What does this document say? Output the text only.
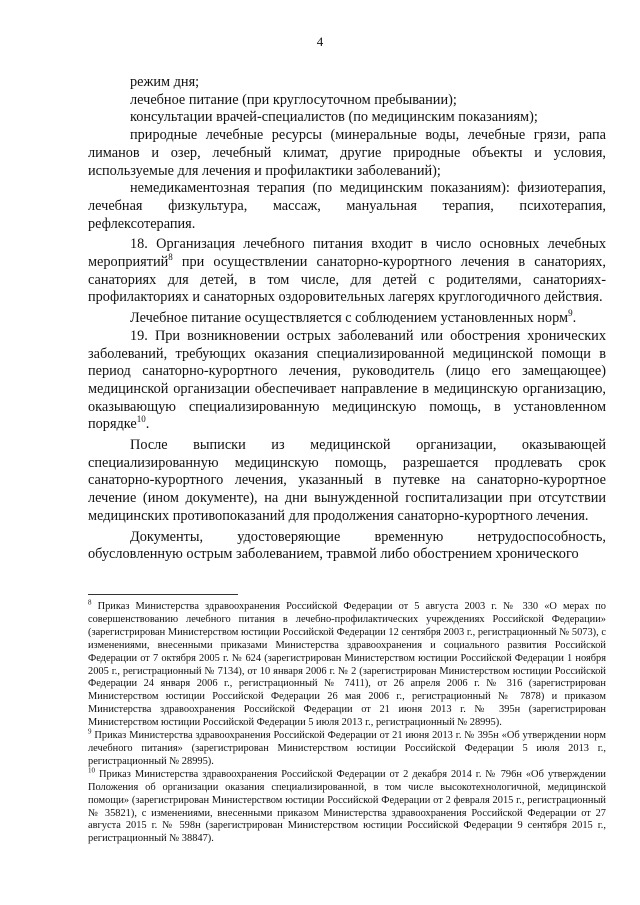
4

режим дня;

лечебное питание (при круглосуточном пребывании);

консультации врачей-специалистов (по медицинским показаниям);

природные лечебные ресурсы (минеральные воды, лечебные грязи, рапа лиманов и озер, лечебный климат, другие природные объекты и условия, используемые для лечения и профилактики заболеваний);

немедикаментозная терапия (по медицинским показаниям): физиотерапия, лечебная физкультура, массаж, мануальная терапия, психотерапия, рефлексотерапия.

18. Организация лечебного питания входит в число основных лечебных мероприятий$^8$ при осуществлении санаторно-курортного лечения в санаториях, санаториях для детей, в том числе, для детей с родителями, санаториях-профилакториях и санаторных оздоровительных лагерях круглогодичного действия.

Лечебное питание осуществляется с соблюдением установленных норм$^9$.

19. При возникновении острых заболеваний или обострения хронических заболеваний, требующих оказания специализированной медицинской помощи в период санаторно-курортного лечения, руководитель (лицо его замещающее) медицинской организации обеспечивает направление в медицинскую организацию, оказывающую специализированную медицинскую помощь, в установленном порядке$^{10}$.

После выписки из медицинской организации, оказывающей специализированную медицинскую помощь, разрешается продлевать срок санаторно-курортного лечения, указанный в путевке на санаторно-курортное лечение (ином документе), на дни вынужденной госпитализации при отсутствии медицинских противопоказаний для продолжения санаторно-курортного лечения.

Документы, удостоверяющие временную нетрудоспособность, обусловленную острым заболеванием, травмой либо обострением хронического

$^8$ Приказ Министерства здравоохранения Российской Федерации от 5 августа 2003 г. № 330 «О мерах по совершенствованию лечебного питания в лечебно-профилактических учреждениях Российской Федерации» (зарегистрирован Министерством юстиции Российской Федерации 12 сентября 2003 г., регистрационный № 5073), с изменениями, внесенными приказами Министерства здравоохранения и социального развития Российской Федерации от 7 октября 2005 г. № 624 (зарегистрирован Министерством юстиции Российской Федерации 1 ноября 2005 г., регистрационный № 7134), от 10 января 2006 г. № 2 (зарегистрирован Министерством юстиции Российской Федерации 24 января 2006 г., регистрационный № 7411), от 26 апреля 2006 г. № 316 (зарегистрирован Министерством юстиции Российской Федерации 26 мая 2006 г., регистрационный № 7878) и приказом Министерства здравоохранения Российской Федерации от 21 июня 2013 г. № 395н (зарегистрирован Министерством юстиции Российской Федерации 5 июля 2013 г., регистрационный № 28995).

$^9$ Приказ Министерства здравоохранения Российской Федерации от 21 июня 2013 г. № 395н «Об утверждении норм лечебного питания» (зарегистрирован Министерством юстиции Российской Федерации 5 июля 2013 г., регистрационный № 28995).

$^{10}$ Приказ Министерства здравоохранения Российской Федерации от 2 декабря 2014 г. № 796н «Об утверждении Положения об организации оказания специализированной, в том числе высокотехнологичной, медицинской помощи» (зарегистрирован Министерством юстиции Российской Федерации от 2 февраля 2015 г., регистрационный № 35821), с изменениями, внесенными приказом Министерства здравоохранения Российской Федерации от 27 августа 2015 г. № 598н (зарегистрирован Министерством юстиции Российской Федерации 9 сентября 2015 г., регистрационный № 38847).
